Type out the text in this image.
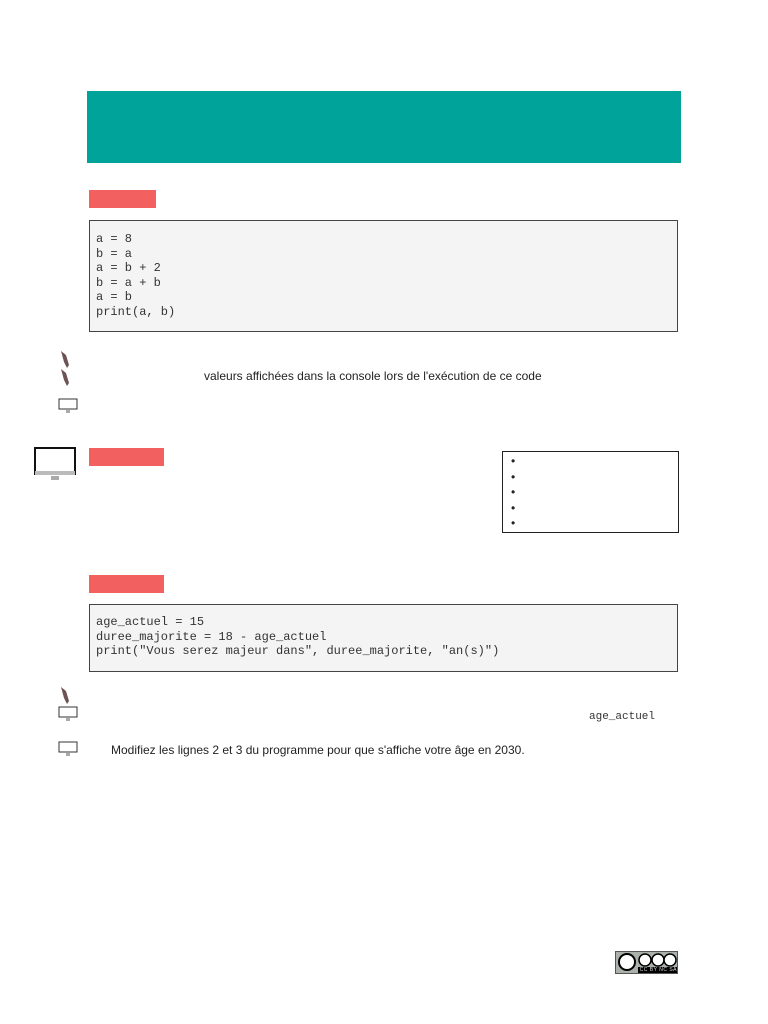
a = 8
b = a
a = b + 2
b = a + b
a = b
print(a, b)
valeurs affichées dans la console lors de l'exécution de ce code
•
•
•
•
•
age_actuel = 15
duree_majorite = 18 - age_actuel
print("Vous serez majeur dans", duree_majorite, "an(s)")
age_actuel
Modifiez les lignes 2 et 3 du programme pour que s'affiche votre âge en 2030.
CC BY NC SA
